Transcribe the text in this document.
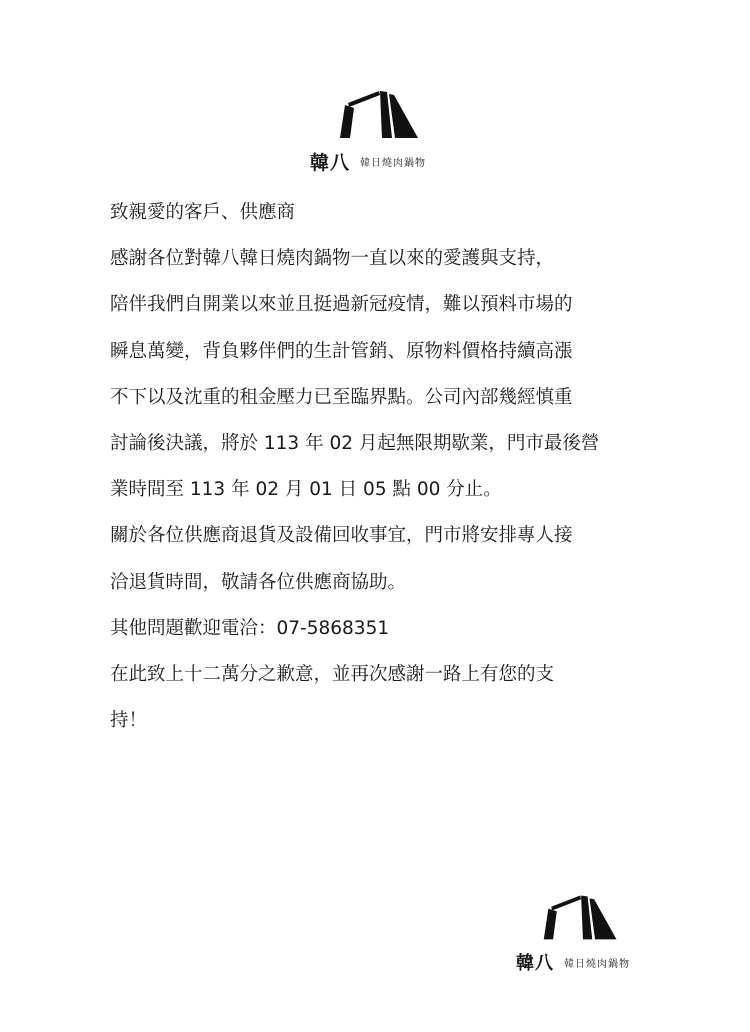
韓八 韓日燒肉鍋物
致親愛的客戶、供應商
感謝各位對韓八韓日燒肉鍋物一直以來的愛護與支持，
陪伴我們自開業以來並且挺過新冠疫情，難以預料市場的
瞬息萬變，背負夥伴們的生計管銷、原物料價格持續高漲
不下以及沈重的租金壓力已至臨界點。公司內部幾經慎重
討論後決議，將於 113 年 02 月起無限期歇業，門市最後營
業時間至 113 年 02 月 01 日 05 點 00 分止。
關於各位供應商退貨及設備回收事宜，門市將安排專人接
洽退貨時間，敬請各位供應商協助。
其他問題歡迎電洽：07-5868351
在此致上十二萬分之歉意，並再次感謝一路上有您的支
持！
韓八 韓日燒肉鍋物
